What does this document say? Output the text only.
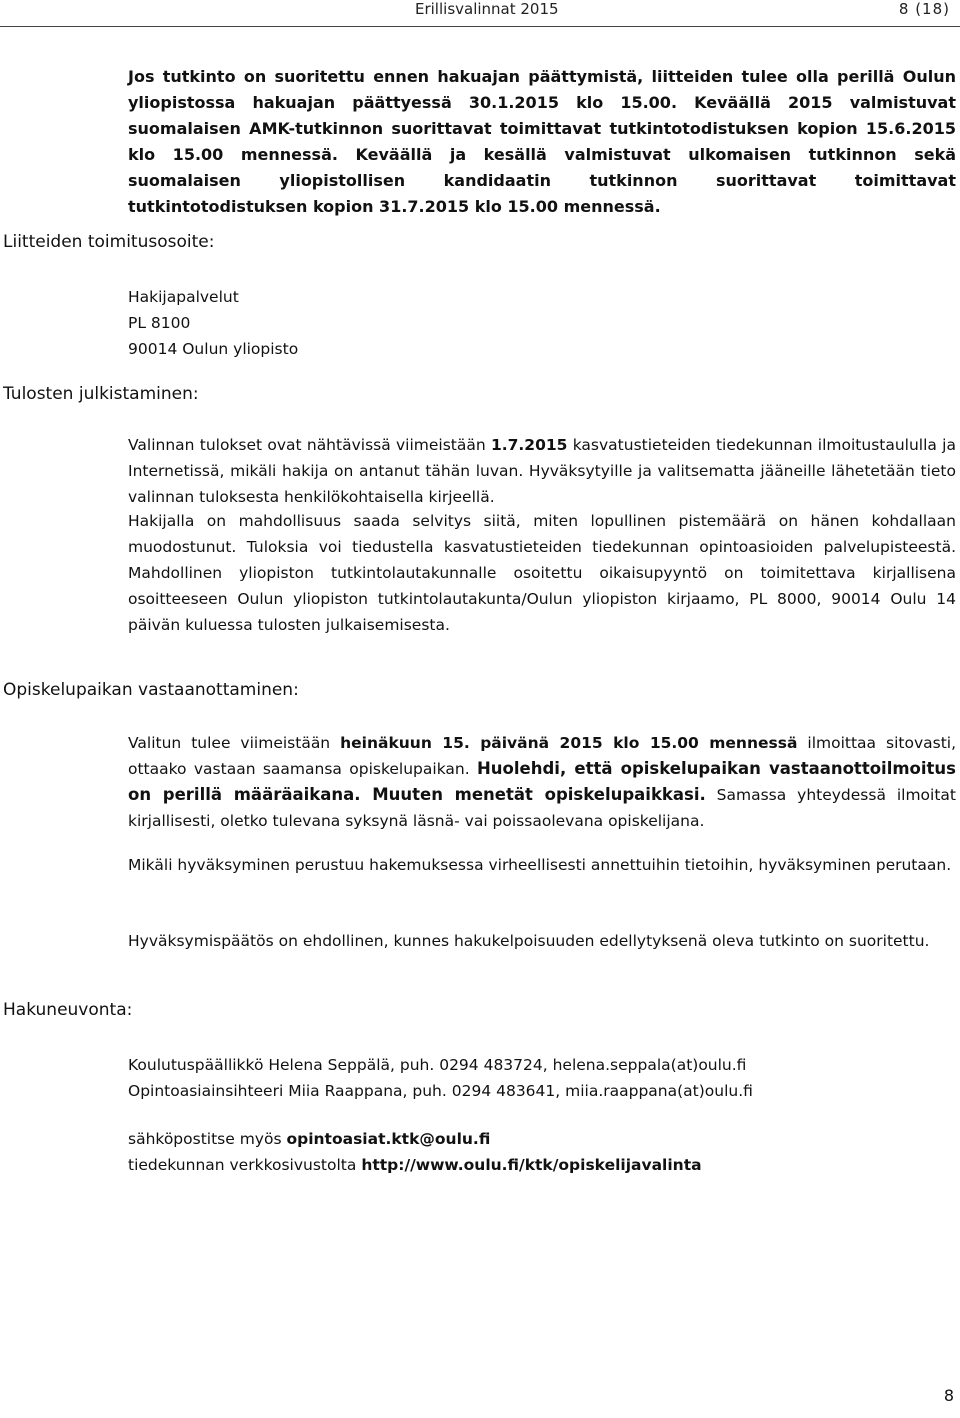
Erillisvalinnat 2015	8 (18)
Jos tutkinto on suoritettu ennen hakuajan päättymistä, liitteiden tulee olla perillä Oulun yliopistossa hakuajan päättyessä 30.1.2015 klo 15.00. Keväällä 2015 valmistuvat suomalaisen AMK-tutkinnon suorittavat toimittavat tutkintotodistuksen kopion 15.6.2015 klo 15.00 mennessä. Keväällä ja kesällä valmistuvat ulkomaisen tutkinnon sekä suomalaisen yliopistollisen kandidaatin tutkinnon suorittavat toimittavat tutkintotodistuksen kopion 31.7.2015 klo 15.00 mennessä.
Liitteiden toimitusosoite:
Hakijapalvelut
PL 8100
90014 Oulun yliopisto
Tulosten julkistaminen:
Valinnan tulokset ovat nähtävissä viimeistään 1.7.2015 kasvatustieteiden tiedekunnan ilmoitustaululla ja Internetissä, mikäli hakija on antanut tähän luvan. Hyväksytyille ja valitsematta jääneille lähetetään tieto valinnan tuloksesta henkilökohtaisella kirjeellä.
Hakijalla on mahdollisuus saada selvitys siitä, miten lopullinen pistemäärä on hänen kohdallaan muodostunut. Tuloksia voi tiedustella kasvatustieteiden tiedekunnan opintoasioiden palvelupisteestä. Mahdollinen yliopiston tutkintolautakunnalle osoitettu oikaisupyyntö on toimitettava kirjallisena osoitteeseen Oulun yliopiston tutkintolautakunta/Oulun yliopiston kirjaamo, PL 8000, 90014 Oulu 14 päivän kuluessa tulosten julkaisemisesta.
Opiskelupaikan vastaanottaminen:
Valitun tulee viimeistään heinäkuun 15. päivänä 2015 klo 15.00 mennessä ilmoittaa sitovasti, ottaako vastaan saamansa opiskelupaikan. Huolehdi, että opiskelupaikan vastaanottoilmoitus on perillä määräaikana. Muuten menetät opiskelupaikkasi. Samassa yhteydessä ilmoitat kirjallisesti, oletko tulevana syksynä läsnä- vai poissaolevana opiskelijana.
Mikäli hyväksyminen perustuu hakemuksessa virheellisesti annettuihin tietoihin, hyväksyminen perutaan.
Hyväksymispäätös on ehdollinen, kunnes hakukelpoisuuden edellytyksenä oleva tutkinto on suoritettu.
Hakuneuvonta:
Koulutuspäällikkö Helena Seppälä, puh. 0294 483724, helena.seppala(at)oulu.fi
Opintoasiainsihteeri Miia Raappana, puh. 0294 483641, miia.raappana(at)oulu.fi
sähköpostitse myös opintoasiat.ktk@oulu.fi
tiedekunnan verkkosivustolta http://www.oulu.fi/ktk/opiskelijavalinta
8
